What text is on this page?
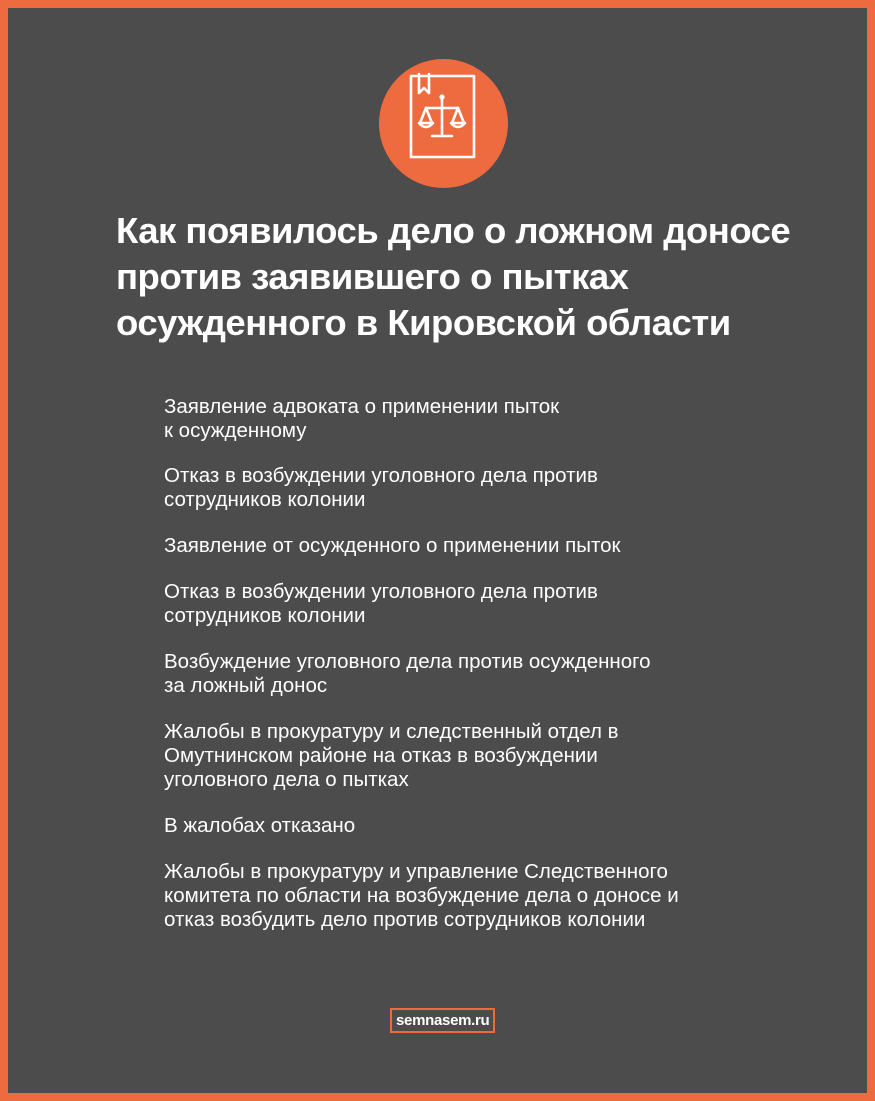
Как появилось дело о ложном доносе
против заявившего о пытках
осужденного в Кировской области
Заявление адвоката о применении пыток
к осужденному
Отказ в возбуждении уголовного дела против
сотрудников колонии
Заявление от осужденного о применении пыток
Отказ в возбуждении уголовного дела против
сотрудников колонии
Возбуждение уголовного дела против осужденного
за ложный донос
Жалобы в прокуратуру и следственный отдел в
Омутнинском районе на отказ в возбуждении
уголовного дела о пытках
В жалобах отказано
Жалобы в прокуратуру и управление Следственного
комитета по области на возбуждение дела о доносе и
отказ возбудить дело против сотрудников колонии
semnasem.ru
